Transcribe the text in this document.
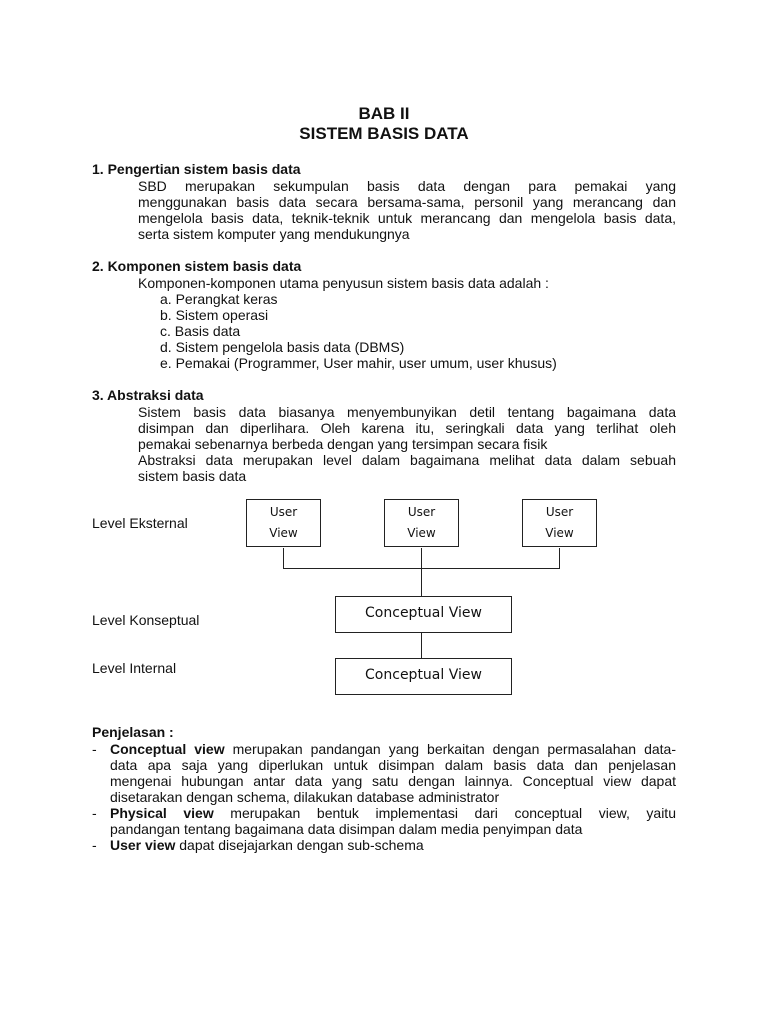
BAB II
SISTEM BASIS DATA
1. Pengertian sistem basis data
SBD merupakan sekumpulan basis data dengan para pemakai yang
menggunakan basis data secara bersama-sama, personil yang merancang dan
mengelola basis data, teknik-teknik untuk merancang dan mengelola basis data,
serta sistem komputer yang mendukungnya
2. Komponen sistem basis data
Komponen-komponen utama penyusun sistem basis data adalah :
a. Perangkat keras
b. Sistem operasi
c. Basis data
d. Sistem pengelola basis data (DBMS)
e. Pemakai (Programmer, User mahir, user umum, user khusus)
3. Abstraksi data
Sistem basis data biasanya menyembunyikan detil tentang bagaimana data
disimpan dan diperlihara. Oleh karena itu, seringkali data yang terlihat oleh
pemakai sebenarnya berbeda dengan yang tersimpan secara fisik
Abstraksi data merupakan level dalam bagaimana melihat data dalam sebuah
sistem basis data
Level Eksternal
Level Konseptual
Level Internal
User
View
User
View
User
View
Conceptual View
Conceptual View
Penjelasan :
- Conceptual view merupakan pandangan yang berkaitan dengan permasalahan data-
data apa saja yang diperlukan untuk disimpan dalam basis data dan penjelasan
mengenai hubungan antar data yang satu dengan lainnya. Conceptual view dapat
disetarakan dengan schema, dilakukan database administrator
- Physical view merupakan bentuk implementasi dari conceptual view, yaitu
pandangan tentang bagaimana data disimpan dalam media penyimpan data
- User view dapat disejajarkan dengan sub-schema
